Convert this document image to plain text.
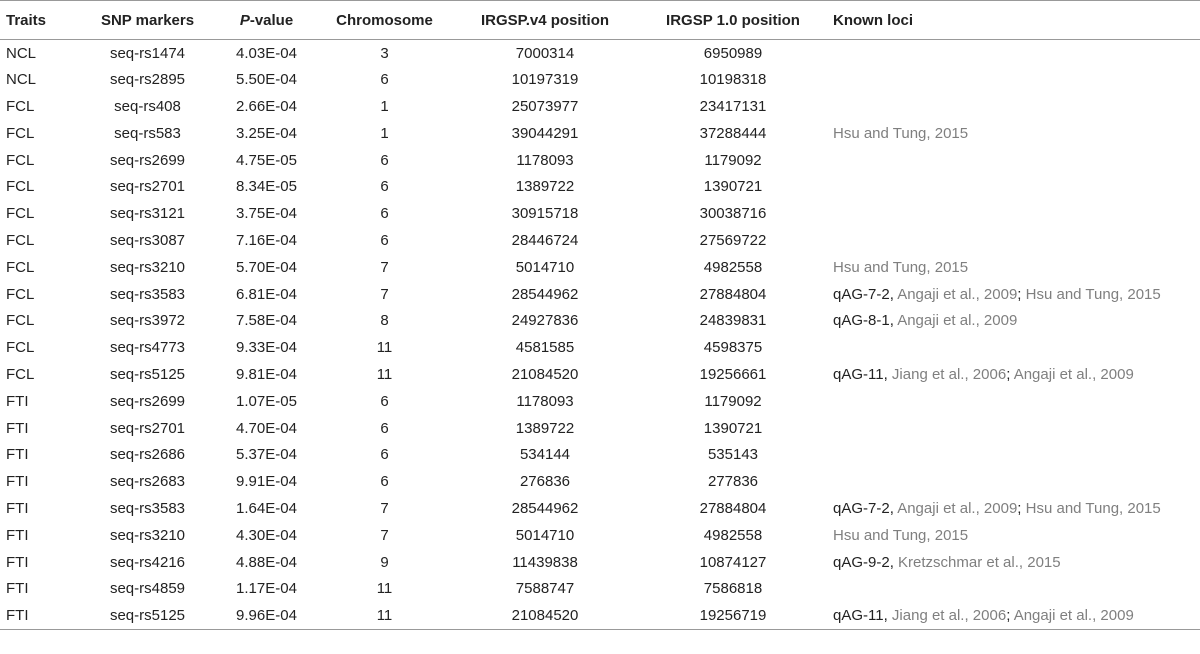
Traits	SNP markers	P-value	Chromosome	IRGSP.v4 position	IRGSP 1.0 position	Known loci
NCL	seq-rs1474	4.03E-04	3	7000314	6950989	
NCL	seq-rs2895	5.50E-04	6	10197319	10198318	
FCL	seq-rs408	2.66E-04	1	25073977	23417131	
FCL	seq-rs583	3.25E-04	1	39044291	37288444	Hsu and Tung, 2015
FCL	seq-rs2699	4.75E-05	6	1178093	1179092	
FCL	seq-rs2701	8.34E-05	6	1389722	1390721	
FCL	seq-rs3121	3.75E-04	6	30915718	30038716	
FCL	seq-rs3087	7.16E-04	6	28446724	27569722	
FCL	seq-rs3210	5.70E-04	7	5014710	4982558	Hsu and Tung, 2015
FCL	seq-rs3583	6.81E-04	7	28544962	27884804	qAG-7-2, Angaji et al., 2009; Hsu and Tung, 2015
FCL	seq-rs3972	7.58E-04	8	24927836	24839831	qAG-8-1, Angaji et al., 2009
FCL	seq-rs4773	9.33E-04	11	4581585	4598375	
FCL	seq-rs5125	9.81E-04	11	21084520	19256661	qAG-11, Jiang et al., 2006; Angaji et al., 2009
FTI	seq-rs2699	1.07E-05	6	1178093	1179092	
FTI	seq-rs2701	4.70E-04	6	1389722	1390721	
FTI	seq-rs2686	5.37E-04	6	534144	535143	
FTI	seq-rs2683	9.91E-04	6	276836	277836	
FTI	seq-rs3583	1.64E-04	7	28544962	27884804	qAG-7-2, Angaji et al., 2009; Hsu and Tung, 2015
FTI	seq-rs3210	4.30E-04	7	5014710	4982558	Hsu and Tung, 2015
FTI	seq-rs4216	4.88E-04	9	11439838	10874127	qAG-9-2, Kretzschmar et al., 2015
FTI	seq-rs4859	1.17E-04	11	7588747	7586818	
FTI	seq-rs5125	9.96E-04	11	21084520	19256719	qAG-11, Jiang et al., 2006; Angaji et al., 2009
